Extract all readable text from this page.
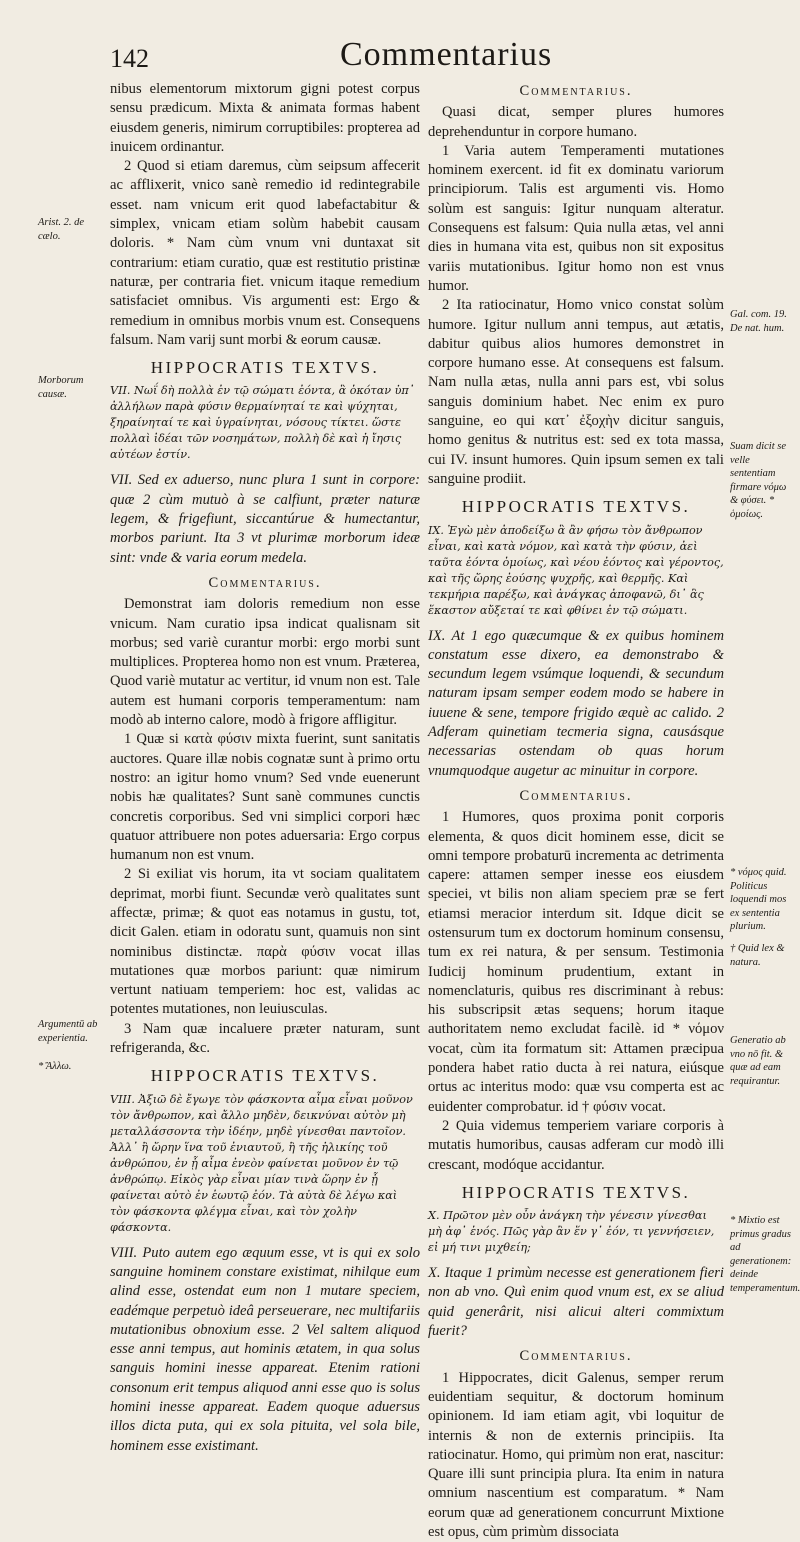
142	Commentarius

nibus elementorum mixtorum gigni potest corpus sensu prædicum. Mixta & animata formas habent eiusdem generis, nimirum corruptibiles: propterea ad inuicem ordinantur.

2 Quod si etiam daremus, cùm seipsum affecerit ac afflixerit, vnico sanè remedio id redintegrabile esset. nam vnicum erit quod labefactabitur & simplex, vnicam etiam solùm habebit causam doloris. * Nam cùm vnum vni duntaxat sit contrarium: etiam curatio, quæ est restitutio pristinæ naturæ, per contraria fiet. vnicum itaque remedium satisfaciet omnibus. Vis argumenti est: Ergo & remedium in omnibus morbis vnum est. Consequens falsum. Nam varij sunt morbi & eorum causæ.

HIPPOCRATIS TEXTVS.

VII. Νωΐ δὴ πολλὰ ἐν τῷ σώματι ἐόντα, ἃ ὁκόταν ὑπ᾿ ἀλλήλων παρὰ φύσιν θερμαίνηταί τε καὶ ψύχηται, ξηραίνηταί τε καὶ ὑγραίνηται, νόσους τίκτει. ὥστε πολλαὶ ἰδέαι τῶν νοσημάτων, πολλὴ δὲ καὶ ἡ ἴησις αὐτέων ἐστίν.

VII. Sed ex aduerso, nunc plura 1 sunt in corpore: quæ 2 cùm mutuò à se calfiunt, præter naturæ legem, & frigefiunt, siccantúrue & humectantur, morbos pariunt. Ita 3 vt plurimæ morborum ideæ sint: vnde & varia eorum medela.

Commentarius.

Demonstrat iam doloris remedium non esse vnicum. Nam curatio ipsa indicat qualisnam sit morbus; sed variè curantur morbi: ergo morbi sunt multiplices. Propterea homo non est vnum. Præterea, Quod variè mutatur ac vertitur, id vnum non est. Tale autem est humani corporis temperamentum: nam modò ab interno calore, modò à frigore affligitur.

1 Quæ si κατὰ φύσιν mixta fuerint, sunt sanitatis auctores. Quare illæ nobis cognatæ sunt à primo ortu nostro: an igitur homo vnum? Sed vnde euenerunt nobis hæ qualitates? Sunt sanè communes cunctis concretis corporibus. Sed vni simplici corpori hæc quatuor attribuere non potes aduersaria: Ergo corpus humanum non est vnum.

2 Si exiliat vis horum, ita vt sociam qualitatem deprimat, morbi fiunt. Secundæ verò qualitates sunt affectæ, primæ; & quot eas notamus in gustu, tot, dicit Galen. etiam in odoratu sunt, quamuis non sint nominibus distinctæ. παρὰ φύσιν vocat illas mutationes quæ morbos pariunt: quæ nimirum vertunt natiuam temperiem: hoc est, validas ac potentes mutationes, non leuiusculas.

3 Nam quæ incaluere præter naturam, sunt refrigeranda, &c.

HIPPOCRATIS TEXTVS.

VIII. Ἀξιῶ δὲ ἔγωγε τὸν φάσκοντα αἷμα εἶναι μοῦνον τὸν ἄνθρωπον, καὶ ἄλλο μηδὲν, δεικνύναι αὐτὸν μὴ μεταλλάσσοντα τὴν ἰδέην, μηδὲ γίνεσθαι παντοῖον. Ἀλλ᾿ ἢ ὥρην ἵνα τοῦ ἐνιαυτοῦ, ἢ τῆς ἡλικίης τοῦ ἀνθρώπου, ἐν ᾗ αἷμα ἐνεὸν φαίνεται μοῦνον ἐν τῷ ἀνθρώπῳ. Εἰκὸς γὰρ εἶναι μίαν τινὰ ὥρην ἐν ᾗ φαίνεται αὐτὸ ἐν ἑωυτῷ ἐόν. Τὰ αὐτὰ δὲ λέγω καὶ τὸν φάσκοντα φλέγμα εἶναι, καὶ τὸν χολὴν φάσκοντα.

VIII. Puto autem ego æquum esse, vt is qui ex solo sanguine hominem constare existimat, nihilque eum alind esse, ostendat eum non 1 mutare speciem, eadémque perpetuò ideâ perseuerare, nec multifariis mutationibus obnoxium esse. 2 Vel saltem aliquod esse anni tempus, aut hominis ætatem, in qua solus sanguis homini inesse appareat. Etenim rationi consonum erit tempus aliquod anni esse quo is solus homini inesse appareat. Eadem quoque aduersus illos dicta puta, qui ex sola pituita, vel sola bile, hominem esse existimant.

Commentarius.

Quasi dicat, semper plures humores deprehenduntur in corpore humano.

1 Varia autem Temperamenti mutationes hominem exercent. id fit ex dominatu variorum principiorum. Talis est argumenti vis. Homo solùm est sanguis: Igitur nunquam alteratur. Consequens est falsum: Quia nulla ætas, vel anni dies in humana vita est, quibus non sit expositus variis mutationibus. Igitur homo non est vnus humor.

2 Ita ratiocinatur, Homo vnico constat solùm humore. Igitur nullum anni tempus, aut ætatis, dabitur quibus alios humores demonstret in corpore humano esse. At consequens est falsum. Nam nulla ætas, nulla anni pars est, vbi solus sanguis dominium habet. Nec enim ex puro sanguine, eo qui κατ᾿ ἐξοχὴν dicitur sanguis, homo genitus & nutritus est: sed ex tota massa, cui IV. insunt humores. Quin ipsum semen ex tali sanguine prodiit.

HIPPOCRATIS TEXTVS.

IX. Ἐγὼ μὲν ἀποδείξω ἃ ἂν φήσω τὸν ἄνθρωπον εἶναι, καὶ κατὰ νόμον, καὶ κατὰ τὴν φύσιν, ἀεὶ ταῦτα ἐόντα ὁμοίως, καὶ νέου ἐόντος καὶ γέροντος, καὶ τῆς ὥρης ἐούσης ψυχρῆς, καὶ θερμῆς. Καὶ τεκμήρια παρέξω, καὶ ἀνάγκας ἀποφανῶ, δι᾿ ἃς ἕκαστον αὔξεταί τε καὶ φθίνει ἐν τῷ σώματι.

IX. At 1 ego quæcumque & ex quibus hominem constatum esse dixero, ea demonstrabo & secundum legem vsúmque loquendi, & secundum naturam ipsam semper eodem modo se habere in iuuene & sene, tempore frigido æquè ac calido. 2 Adferam quinetiam tecmeria signa, causásque necessarias ostendam ob quas horum vnumquodque augetur ac minuitur in corpore.

Commentarius.

1 Humores, quos proxima ponit corporis elementa, & quos dicit hominem esse, dicit se omni tempore probaturū incrementa ac detrimenta capere: attamen semper inesse eos eiusdem speciei, vt bilis non aliam speciem præ se fert etiamsi meracior interdum sit. Idque dicit se ostensurum tum ex doctorum hominum consensu, tum ex rei natura, & per sensum. Testimonia Iudicij hominum prudentium, extant in nomenclaturis, quibus res discriminant à rebus: his subscripsit ætas sequens; horum itaque authoritatem nemo excludat facilè. id * νόμον vocat, cùm ita formatum sit: Attamen præcipua pondera habet ratio ducta à rei natura, eiúsque ortus ac interitus modo: quæ vsu comperta est ac euidenter comprobatur. id † φύσιν vocat.

2 Quia videmus temperiem variare corporis à mutatis humoribus, causas adferam cur modò illi crescant, modóque accidantur.

HIPPOCRATIS TEXTVS.

X. Πρῶτον μὲν οὖν ἀνάγκη τὴν γένεσιν γίνεσθαι μὴ ἀφ᾿ ἑνός. Πῶς γὰρ ἂν ἕν γ᾿ ἐόν, τι γεννήσειεν, εἰ μή τινι μιχθείη;

X. Itaque 1 primùm necesse est generationem fieri non ab vno. Quì enim quod vnum est, ex se aliud quid generârit, nisi alicui alteri commixtum fuerit?

Commentarius.

1 Hippocrates, dicit Galenus, semper rerum euidentiam sequitur, & doctorum hominum opinionem. Id iam etiam agit, vbi loquitur de internis & non de externis principiis. Ita ratiocinatur. Homo, qui primùm non erat, nascitur: Quare illi sunt principia plura. Ita enim in natura omnium nascentium est comparatum. * Nam eorum quæ ad generationem concurrunt Mixtione est opus, cùm primùm dissociata

Arist. 2. de cælo.
Morborum causæ.
Argumentū ab experientia.
* Ἄλλω.
Gal. com. 19. De nat. hum.
Suam dicit se velle sententiam firmare νόμω & φύσει. * ὁμοίως.
* νόμος quid. Politicus loquendi mos ex sententia plurium.
† Quid lex & natura.
Generatio ab vno nō fit. & quæ ad eam requirantur.
* Mixtio est primus gradus ad generationem: deinde temperamentum.
